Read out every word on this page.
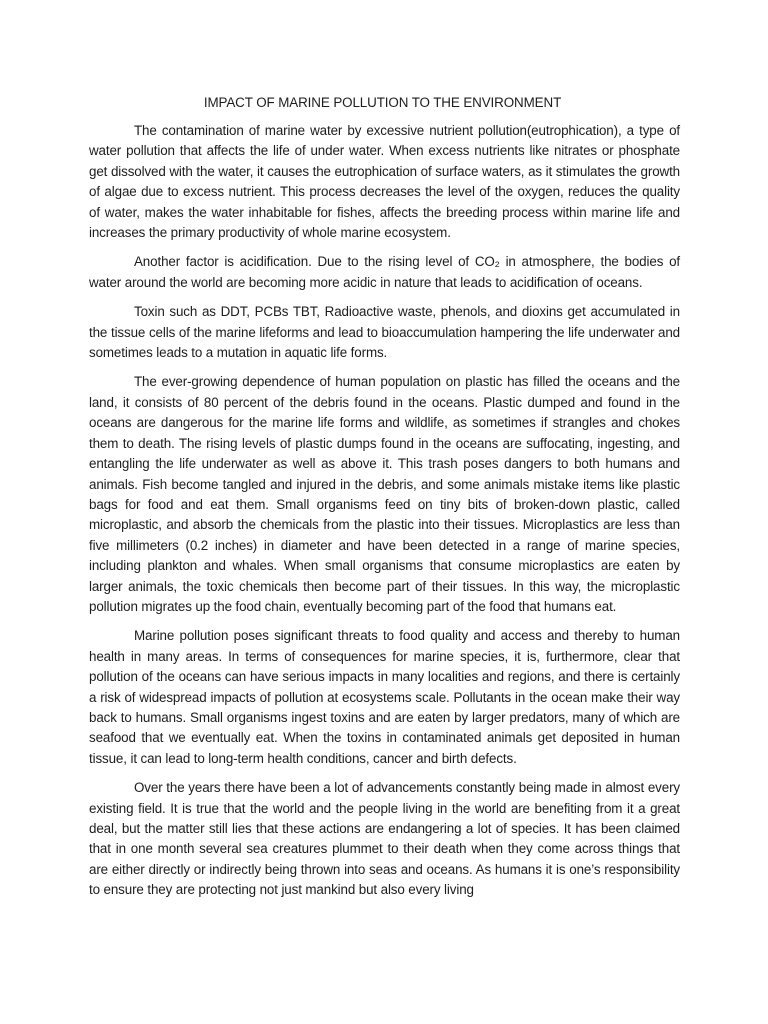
IMPACT OF MARINE POLLUTION TO THE ENVIRONMENT

The contamination of marine water by excessive nutrient pollution(eutrophication), a type of water pollution that affects the life of under water. When excess nutrients like nitrates or phosphate get dissolved with the water, it causes the eutrophication of surface waters, as it stimulates the growth of algae due to excess nutrient. This process decreases the level of the oxygen, reduces the quality of water, makes the water inhabitable for fishes, affects the breeding process within marine life and increases the primary productivity of whole marine ecosystem.

Another factor is acidification. Due to the rising level of CO₂ in atmosphere, the bodies of water around the world are becoming more acidic in nature that leads to acidification of oceans.

Toxin such as DDT, PCBs TBT, Radioactive waste, phenols, and dioxins get accumulated in the tissue cells of the marine lifeforms and lead to bioaccumulation hampering the life underwater and sometimes leads to a mutation in aquatic life forms.

The ever-growing dependence of human population on plastic has filled the oceans and the land, it consists of 80 percent of the debris found in the oceans. Plastic dumped and found in the oceans are dangerous for the marine life forms and wildlife, as sometimes if strangles and chokes them to death. The rising levels of plastic dumps found in the oceans are suffocating, ingesting, and entangling the life underwater as well as above it. This trash poses dangers to both humans and animals. Fish become tangled and injured in the debris, and some animals mistake items like plastic bags for food and eat them. Small organisms feed on tiny bits of broken-down plastic, called microplastic, and absorb the chemicals from the plastic into their tissues. Microplastics are less than five millimeters (0.2 inches) in diameter and have been detected in a range of marine species, including plankton and whales. When small organisms that consume microplastics are eaten by larger animals, the toxic chemicals then become part of their tissues. In this way, the microplastic pollution migrates up the food chain, eventually becoming part of the food that humans eat.

Marine pollution poses significant threats to food quality and access and thereby to human health in many areas. In terms of consequences for marine species, it is, furthermore, clear that pollution of the oceans can have serious impacts in many localities and regions, and there is certainly a risk of widespread impacts of pollution at ecosystems scale. Pollutants in the ocean make their way back to humans. Small organisms ingest toxins and are eaten by larger predators, many of which are seafood that we eventually eat. When the toxins in contaminated animals get deposited in human tissue, it can lead to long-term health conditions, cancer and birth defects.

Over the years there have been a lot of advancements constantly being made in almost every existing field. It is true that the world and the people living in the world are benefiting from it a great deal, but the matter still lies that these actions are endangering a lot of species. It has been claimed that in one month several sea creatures plummet to their death when they come across things that are either directly or indirectly being thrown into seas and oceans. As humans it is one’s responsibility to ensure they are protecting not just mankind but also every living
